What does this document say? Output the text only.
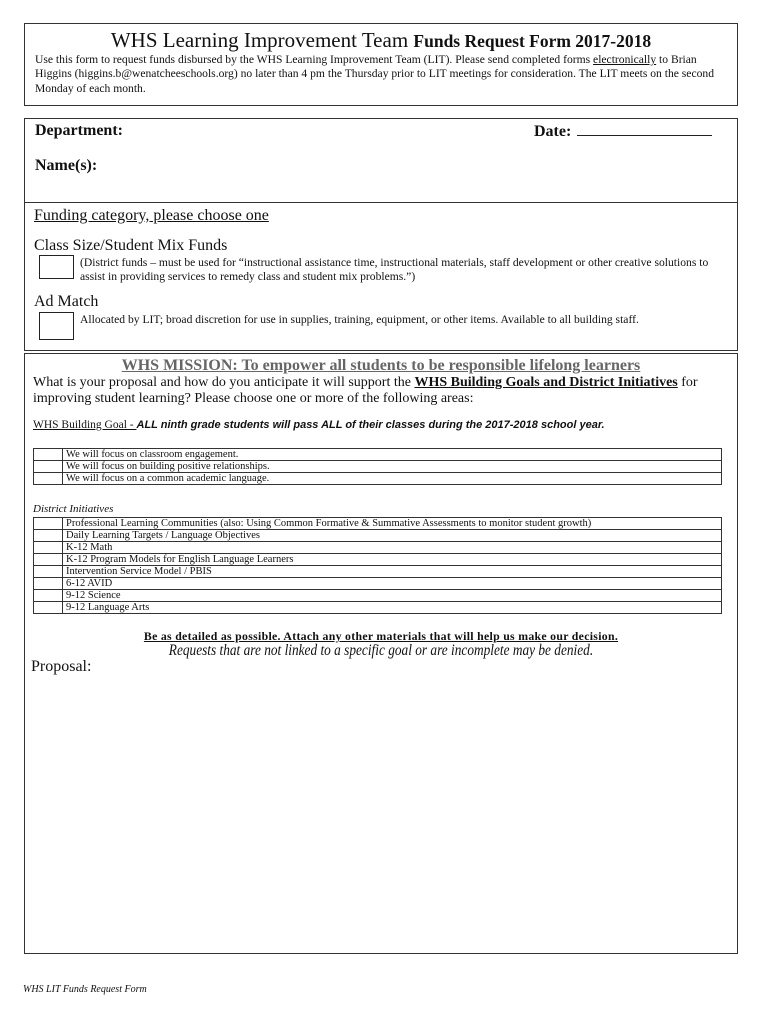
WHS Learning Improvement Team Funds Request Form 2017-2018
Use this form to request funds disbursed by the WHS Learning Improvement Team (LIT). Please send completed forms electronically to Brian Higgins (higgins.b@wenatcheeschools.org) no later than 4 pm the Thursday prior to LIT meetings for consideration. The LIT meets on the second Monday of each month.
Department:	Date:
Name(s):
Funding category, please choose one
Class Size/Student Mix Funds
(District funds – must be used for “instructional assistance time, instructional materials, staff development or other creative solutions to assist in providing services to remedy class and student mix problems.”)
Ad Match
Allocated by LIT; broad discretion for use in supplies, training, equipment, or other items. Available to all building staff.
WHS MISSION: To empower all students to be responsible lifelong learners
What is your proposal and how do you anticipate it will support the WHS Building Goals and District Initiatives for improving student learning? Please choose one or more of the following areas:
WHS Building Goal - ALL ninth grade students will pass ALL of their classes during the 2017-2018 school year.
	We will focus on classroom engagement.
	We will focus on building positive relationships.
	We will focus on a common academic language.
District Initiatives
	Professional Learning Communities (also: Using Common Formative & Summative Assessments to monitor student growth)
	Daily Learning Targets / Language Objectives
	K-12 Math
	K-12 Program Models for English Language Learners
	Intervention Service Model / PBIS
	6-12 AVID
	9-12 Science
	9-12 Language Arts
Be as detailed as possible. Attach any other materials that will help us make our decision.
Requests that are not linked to a specific goal or are incomplete may be denied.
Proposal:
WHS LIT Funds Request Form
